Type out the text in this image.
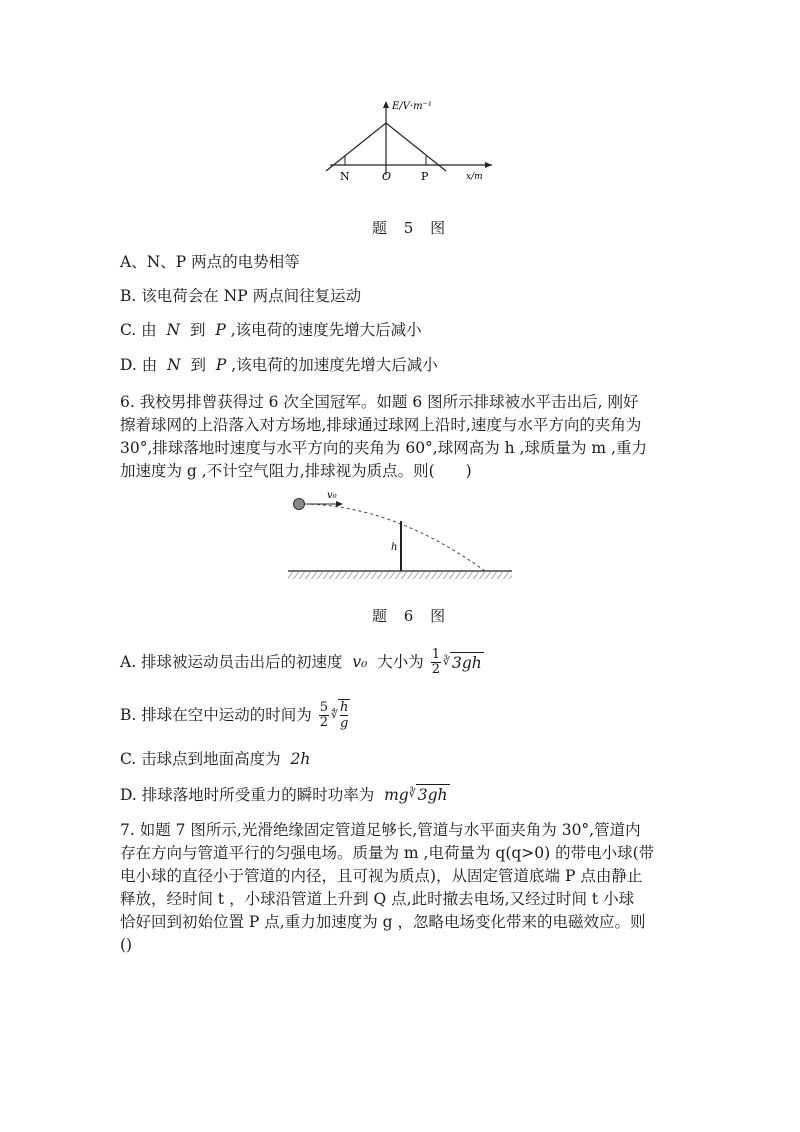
E/V·m⁻¹
x/m
N	O	P
题 5 图
A、N、P 两点的电势相等
B. 该电荷会在 NP 两点间往复运动
C. 由 N 到 P ,该电荷的速度先增大后减小
D. 由 N 到 P ,该电荷的加速度先增大后减小
6. 我校男排曾获得过 6 次全国冠军。如题 6 图所示排球被水平击出后, 刚好
擦着球网的上沿落入对方场地,排球通过球网上沿时,速度与水平方向的夹角为
30°,排球落地时速度与水平方向的夹角为 60°,球网高为 h ,球质量为 m ,重力
加速度为 g ,不计空气阻力,排球视为质点。则(　　)
v₀
h
题 6 图
A. 排球被运动员击出后的初速度
v₀
大小为
$\frac{1}{2}$ ∛ 3gh
B. 排球在空中运动的时间为
$\frac{5}{2}$ ∜ h
g
C. 击球点到地面高度为 2h
D. 排球落地时所受重力的瞬时功率为 mg∛ 3gh
7. 如题 7 图所示,光滑绝缘固定管道足够长,管道与水平面夹角为 30°,管道内
存在方向与管道平行的匀强电场。质量为 m ,电荷量为 q(q>0) 的带电小球(带
电小球的直径小于管道的内径，且可视为质点)，从固定管道底端 P 点由静止
释放，经时间 t ，小球沿管道上升到 Q 点,此时撤去电场,又经过时间 t 小球
恰好回到初始位置 P 点,重力加速度为 g ，忽略电场变化带来的电磁效应。则
()
